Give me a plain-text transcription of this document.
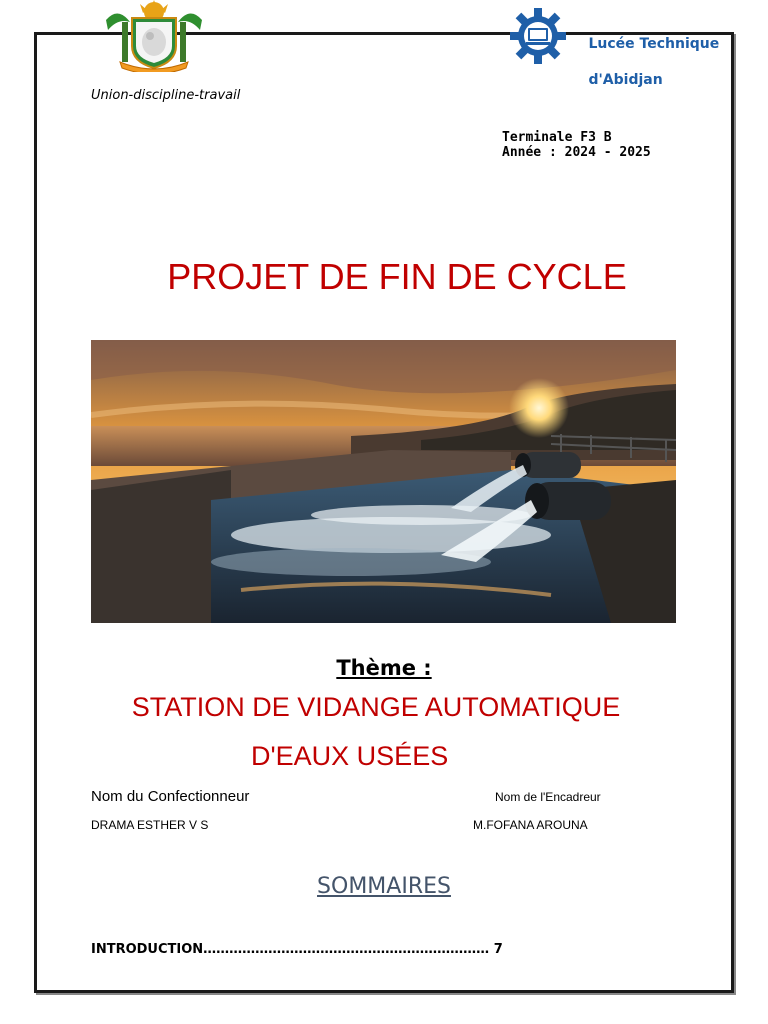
Lucée Technique

d'Abidjan

Union-discipline-travail
Terminale F3 B
Année : 2024 - 2025
PROJET DE FIN DE CYCLE
Thème :
STATION DE VIDANGE AUTOMATIQUE
D'EAUX USÉES
Nom du Confectionneur	Nom de l'Encadreur
DRAMA ESTHER V S	M.FOFANA AROUNA
SOMMAIRES
INTRODUCTION………………………………………………………… 7
